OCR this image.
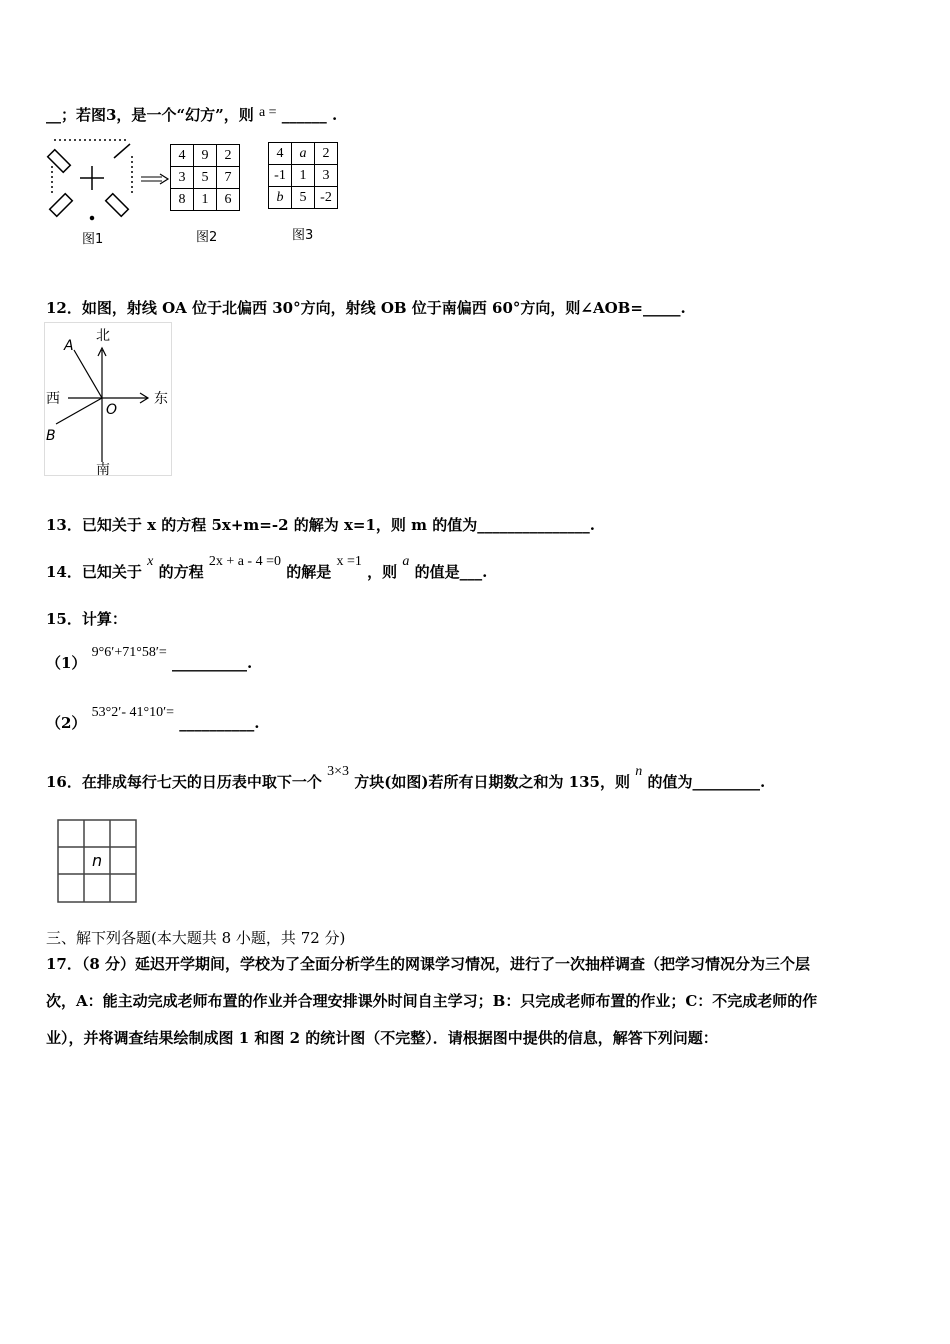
__；若图3，是一个“幻方”，则 a = ______ .
图1
4	9	2
3	5	7
8	1	6
图2
4	a	2
-1	1	3
b	5	-2
图3
12．如图，射线 OA 位于北偏西 30°方向，射线 OB 位于南偏西 60°方向，则∠AOB=_____.
北
南
西	东
A
B
O
13．已知关于 x 的方程 5x+m=-2 的解为 x=1，则 m 的值为_______________.
14．已知关于 x 的方程 2x + a - 4 =0 的解是 x =1 ，则 a 的值是___.
15．计算：
（1） 9°6′+71°58′= __________.
（2） 53°2′- 41°10′= __________.
16．在排成每行七天的日历表中取下一个 3×3 方块(如图)若所有日期数之和为 135，则 n 的值为_________.
n
三、解下列各题(本大题共 8 小题，共 72 分)
17．（8 分）延迟开学期间，学校为了全面分析学生的网课学习情况，进行了一次抽样调查（把学习情况分为三个层
次，A：能主动完成老师布置的作业并合理安排课外时间自主学习；B：只完成老师布置的作业；C：不完成老师的作
业），并将调查结果绘制成图 1 和图 2 的统计图（不完整）．请根据图中提供的信息，解答下列问题：
